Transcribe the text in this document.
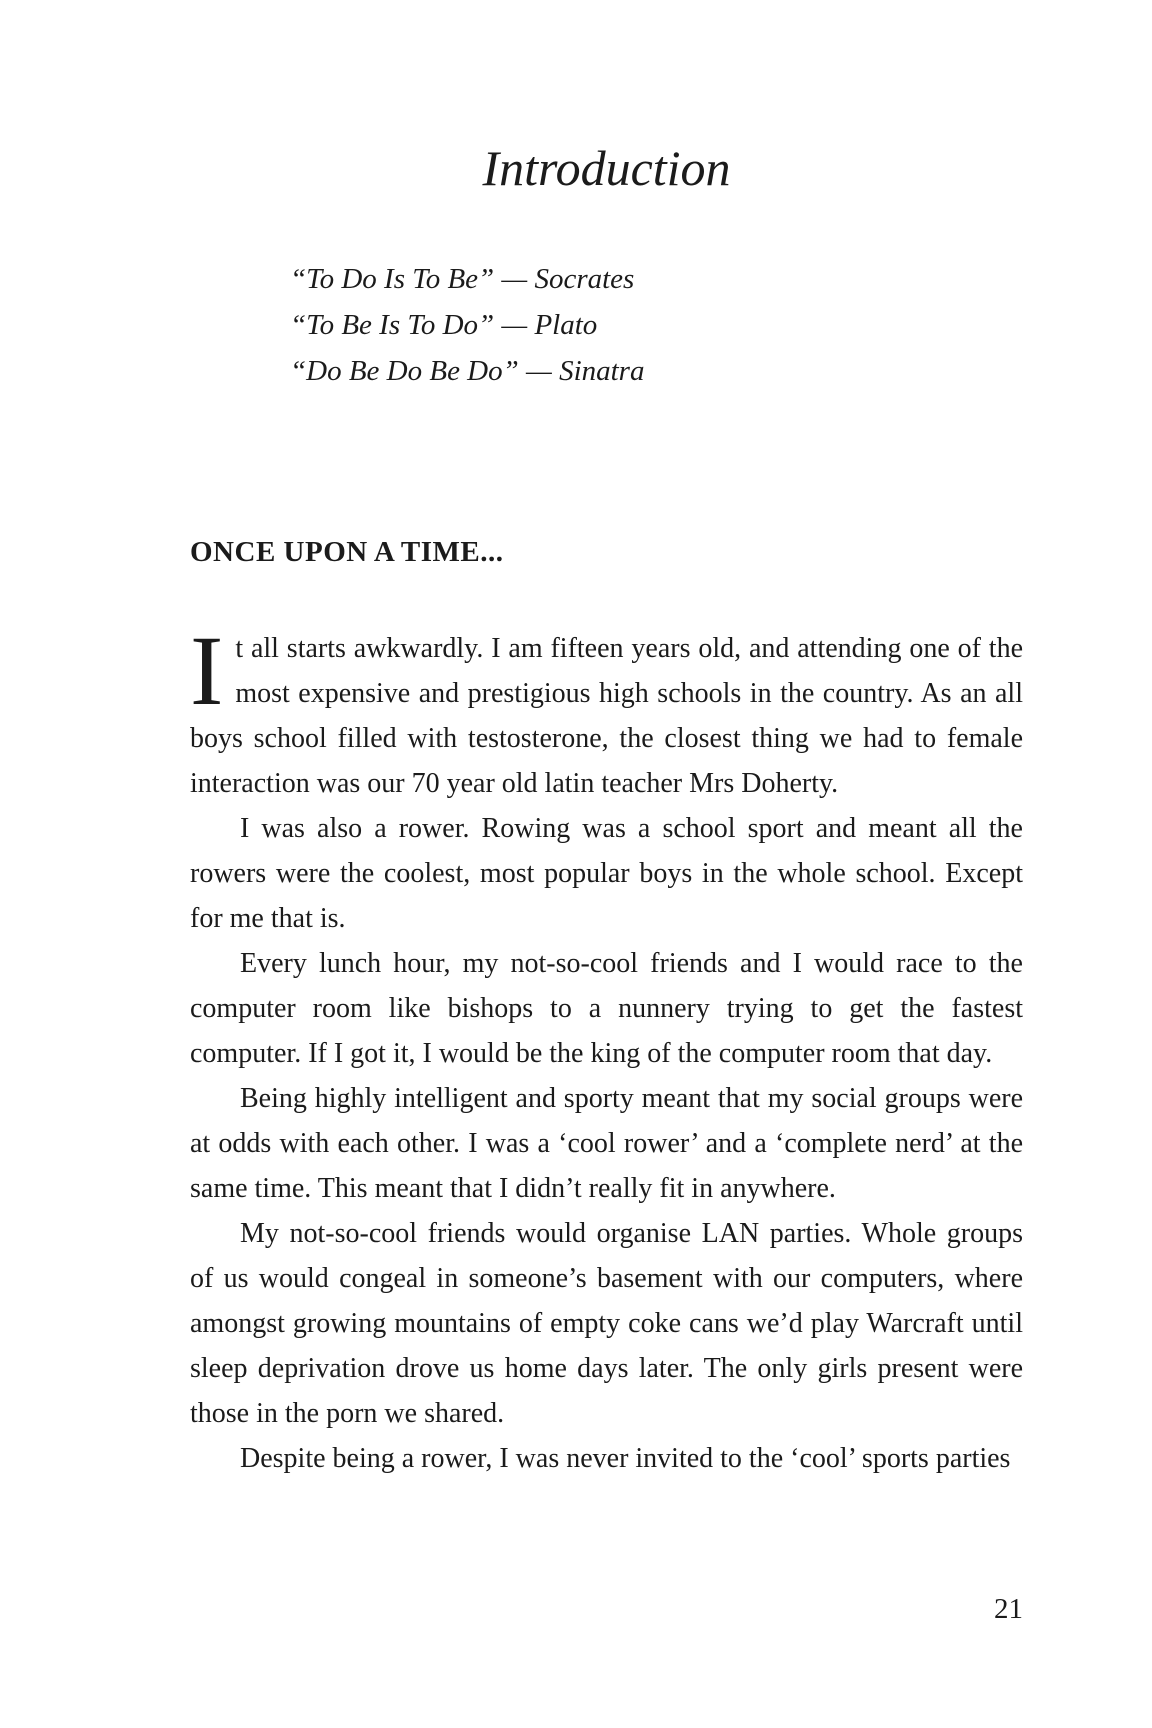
Introduction
“To Do Is To Be” — Socrates
“To Be Is To Do” — Plato
“Do Be Do Be Do” — Sinatra
ONCE UPON A TIME...

It all starts awkwardly. I am fifteen years old, and attending one of the most expensive and prestigious high schools in the country. As an all boys school filled with testosterone, the closest thing we had to female interaction was our 70 year old latin teacher Mrs Doherty.

I was also a rower. Rowing was a school sport and meant all the rowers were the coolest, most popular boys in the whole school. Except for me that is.

Every lunch hour, my not-so-cool friends and I would race to the computer room like bishops to a nunnery trying to get the fastest computer. If I got it, I would be the king of the computer room that day.

Being highly intelligent and sporty meant that my social groups were at odds with each other. I was a ‘cool rower’ and a ‘complete nerd’ at the same time. This meant that I didn’t really fit in anywhere.

My not-so-cool friends would organise LAN parties. Whole groups of us would congeal in someone’s basement with our computers, where amongst growing mountains of empty coke cans we’d play Warcraft until sleep deprivation drove us home days later. The only girls present were those in the porn we shared.

Despite being a rower, I was never invited to the ‘cool’ sports parties

21
